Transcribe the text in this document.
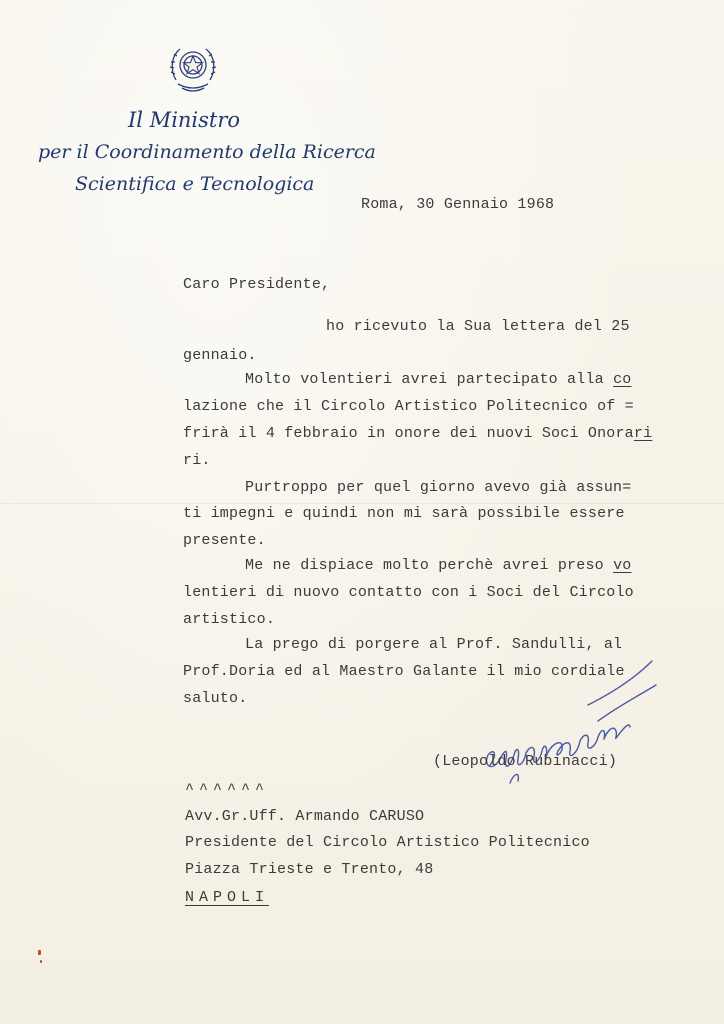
Il Ministro
per il Coordinamento della Ricerca
Scientifica e Tecnologica
Roma, 30 Gennaio 1968
Caro Presidente,
ho ricevuto la Sua lettera del 25
gennaio.
Molto volentieri avrei partecipato alla co
lazione che il Circolo Artistico Politecnico of =
frirà il 4 febbraio in onore dei nuovi Soci Onorari
ri.
Purtroppo per quel giorno avevo già assun=
ti impegni e quindi non mi sarà possibile essere
presente.
Me ne dispiace molto perchè avrei preso vo
lentieri di nuovo contatto con i Soci del Circolo
artistico.
La prego di porgere al Prof. Sandulli, al
Prof.Doria ed al Maestro Galante il mio cordiale
saluto.
(Leopoldo Rubinacci)
^^^^^^
Avv.Gr.Uff. Armando CARUSO
Presidente del Circolo Artistico Politecnico
Piazza Trieste e Trento, 48
NAPOLI
